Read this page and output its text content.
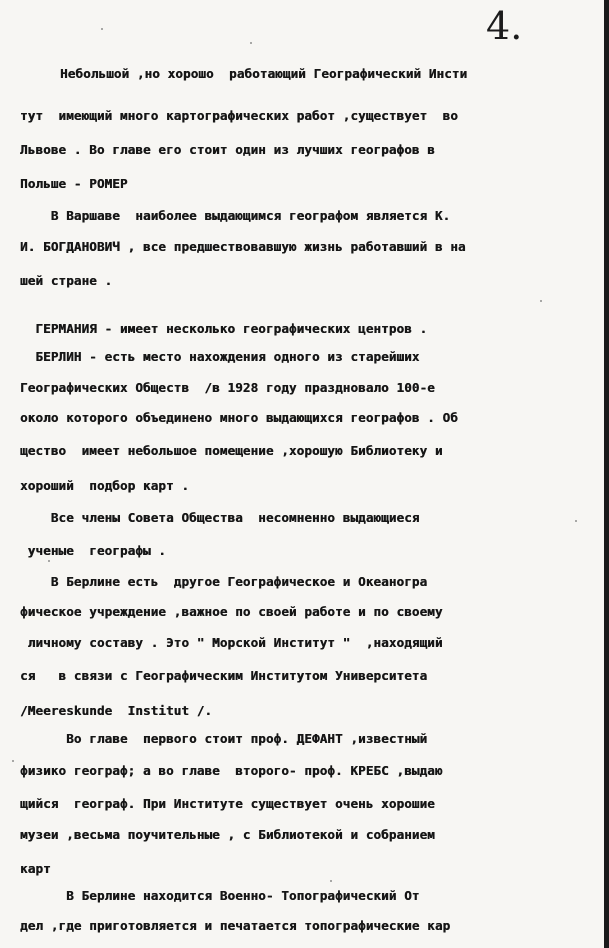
4.
Небольшой ,но хорошо  работающий Географический Инсти
тут  имеющий много картографических работ ,существует  во
Львове . Во главе его стоит один из лучших географов в
Польше - РОМЕР
В Варшаве  наиболее выдающимся географом является К.
И. БОГДАНОВИЧ , все предшествовавшую жизнь работавший в на
шей стране .
ГЕРМАНИЯ - имеет несколько географических центров .
БЕРЛИН - есть место нахождения одного из старейших
Географических Обществ  /в 1928 году праздновало 100-е
около которого объединено много выдающихся географов . Об
щество  имеет небольшое помещение ,хорошую Библиотеку и
хороший  подбор карт .
Все члены Совета Общества  несомненно выдающиеся
ученые  географы .
В Берлине есть  другое Географическое и Океаногра
фическое учреждение ,важное по своей работе и по своему
личному составу . Это " Морской Институт "  ,находящий
ся   в связи с Географическим Институтом Университета
/Meereskunde  Institut /.
Во главе  первого стоит проф. ДЕФАНТ ,известный
физико географ; а во главе  второго- проф. КРЕБС ,выдаю
щийся  географ. При Институте существует очень хорошие
музеи ,весьма поучительные , с Библиотекой и собранием
карт
В Берлине находится Военно- Топографический От
дел ,где приготовляется и печатается топографические кар
